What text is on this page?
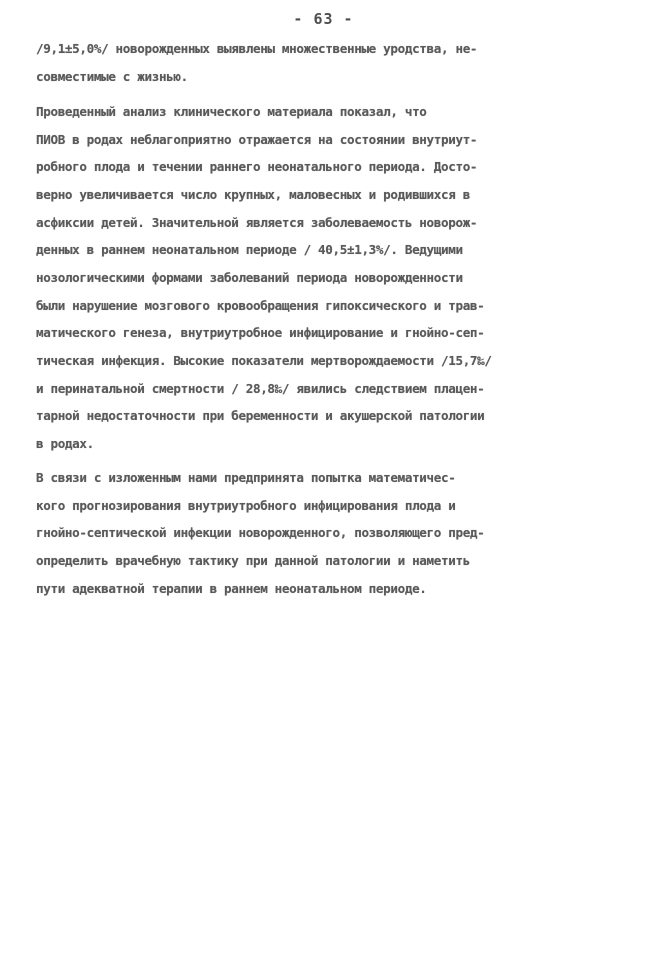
- 63 -
/9,1±5,0%/ новорожденных выявлены множественные уродства, не-
совместимые с жизнью.
Проведенный анализ клинического материала показал, что
ПИОВ в родах неблагоприятно отражается на состоянии внутриут-
робного плода и течении раннего неонатального периода. Досто-
верно увеличивается число крупных, маловесных и родившихся в
асфиксии детей. Значительной является заболеваемость новорож-
денных в раннем неонатальном периоде / 40,5±1,3%/. Ведущими
нозологическими формами заболеваний периода новорожденности
были нарушение мозгового кровообращения гипоксического и трав-
матического генеза, внутриутробное инфицирование и гнойно-сеп-
тическая инфекция. Высокие показатели мертворождаемости /15,7‰/
и перинатальной смертности / 28,8‰/ явились следствием плацен-
тарной недостаточности при беременности и акушерской патологии
в родах.
В связи с изложенным нами предпринята попытка математичес-
кого прогнозирования внутриутробного инфицирования плода и
гнойно-септической инфекции новорожденного, позволяющего пред-
определить врачебную тактику при данной патологии и наметить
пути адекватной терапии в раннем неонатальном периоде.
